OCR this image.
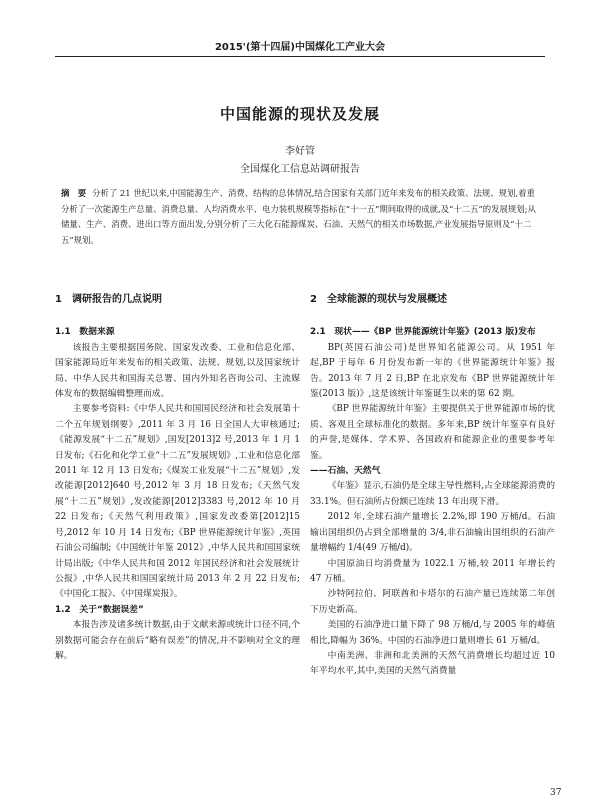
2015'(第十四届)中国煤化工产业大会
中国能源的现状及发展
李好管
全国煤化工信息站调研报告
摘　要 分析了 21 世纪以来,中国能源生产、消费、结构的总体情况,结合国家有关部门近年来发布的相关政策、法规、规划,着重分析了一次能源生产总量、消费总量、人均消费水平、电力装机规模等指标在“十一五”期间取得的成就,及“十二五”的发展规划;从储量、生产、消费、进出口等方面出发,分别分析了三大化石能源煤炭、石油、天然气的相关市场数据,产业发展指导原则及“十二五”规划。

1　调研报告的几点说明

1.1　数据来源

该报告主要根据国务院、国家发改委、工业和信息化部、国家能源局近年来发布的相关政策、法规、规划,以及国家统计局、中华人民共和国海关总署、国内外知名咨询公司、主流媒体发布的数据编辑整理而成。

主要参考资料:《中华人民共和国国民经济和社会发展第十二个五年规划纲要》,2011 年 3 月 16 日全国人大审核通过;《能源发展“十二五”规划》,国发[2013]2 号,2013 年 1 月 1 日发布;《石化和化学工业“十二五”发展规划》,工业和信息化部 2011 年 12 月 13 日发布;《煤炭工业发展“十二五”规划》,发改能源[2012]640 号,2012 年 3 月 18 日发布;《天然气发展“十二五”规划》,发改能源[2012]3383 号,2012 年 10 月 22 日发布;《天然气利用政策》,国家发改委第[2012]15 号,2012 年 10 月 14 日发布;《BP 世界能源统计年鉴》,英国石油公司编制;《中国统计年鉴 2012》,中华人民共和国国家统计局出版;《中华人民共和国 2012 年国民经济和社会发展统计公报》,中华人民共和国国家统计局 2013 年 2 月 22 日发布;《中国化工报》、《中国煤炭报》。

1.2　关于“数据误差”

本报告涉及诸多统计数据,由于文献来源或统计口径不同,个别数据可能会存在前后“略有误差”的情况,并不影响对全文的理解。

2　全球能源的现状与发展概述

2.1　现状——《BP 世界能源统计年鉴》(2013 版)发布

BP(英国石油公司)是世界知名能源公司。从 1951 年起,BP 于每年 6 月份发布新一年的《世界能源统计年鉴》报告。2013 年 7 月 2 日,BP 在北京发布《BP 世界能源统计年鉴(2013 版)》,这是该统计年鉴诞生以来的第 62 期。

《BP 世界能源统计年鉴》主要提供关于世界能源市场的优质、客观且全球标准化的数据。多年来,BP 统计年鉴享有良好的声誉,是媒体、学术界、各国政府和能源企业的重要参考年鉴。

——石油、天然气

《年鉴》显示,石油仍是全球主导性燃料,占全球能源消费的 33.1%。但石油所占份额已连续 13 年出现下滑。

2012 年,全球石油产量增长 2.2%,即 190 万桶/d。石油输出国组织仍占到全部增量的 3/4,非石油输出国组织的石油产量增幅约 1/4(49 万桶/d)。

中国原油日均消费量为 1022.1 万桶,较 2011 年增长约 47 万桶。

沙特阿拉伯、阿联酋和卡塔尔的石油产量已连续第二年创下历史新高。

美国的石油净进口量下降了 98 万桶/d,与 2005 年的峰值相比,降幅为 36%。中国的石油净进口量则增长 61 万桶/d。

中南美洲、非洲和北美洲的天然气消费增长均超过近 10 年平均水平,其中,美国的天然气消费量

37
